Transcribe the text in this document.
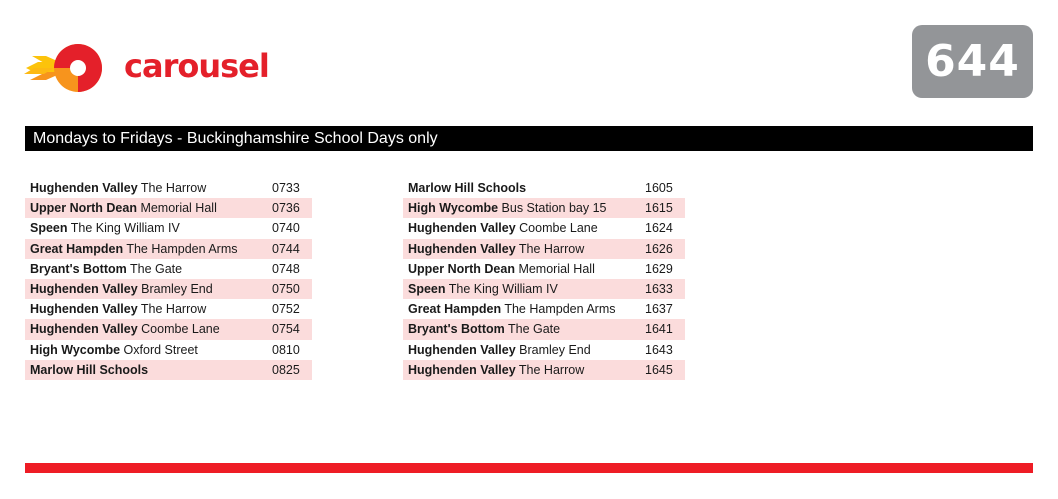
carousel	644
Mondays to Fridays - Buckinghamshire School Days only
Hughenden Valley The Harrow	0733
Upper North Dean Memorial Hall	0736
Speen The King William IV	0740
Great Hampden The Hampden Arms	0744
Bryant's Bottom The Gate	0748
Hughenden Valley Bramley End	0750
Hughenden Valley The Harrow	0752
Hughenden Valley Coombe Lane	0754
High Wycombe Oxford Street	0810
Marlow Hill Schools	0825
Marlow Hill Schools	1605
High Wycombe Bus Station bay 15	1615
Hughenden Valley Coombe Lane	1624
Hughenden Valley The Harrow	1626
Upper North Dean Memorial Hall	1629
Speen The King William IV	1633
Great Hampden The Hampden Arms	1637
Bryant's Bottom The Gate	1641
Hughenden Valley Bramley End	1643
Hughenden Valley The Harrow	1645
